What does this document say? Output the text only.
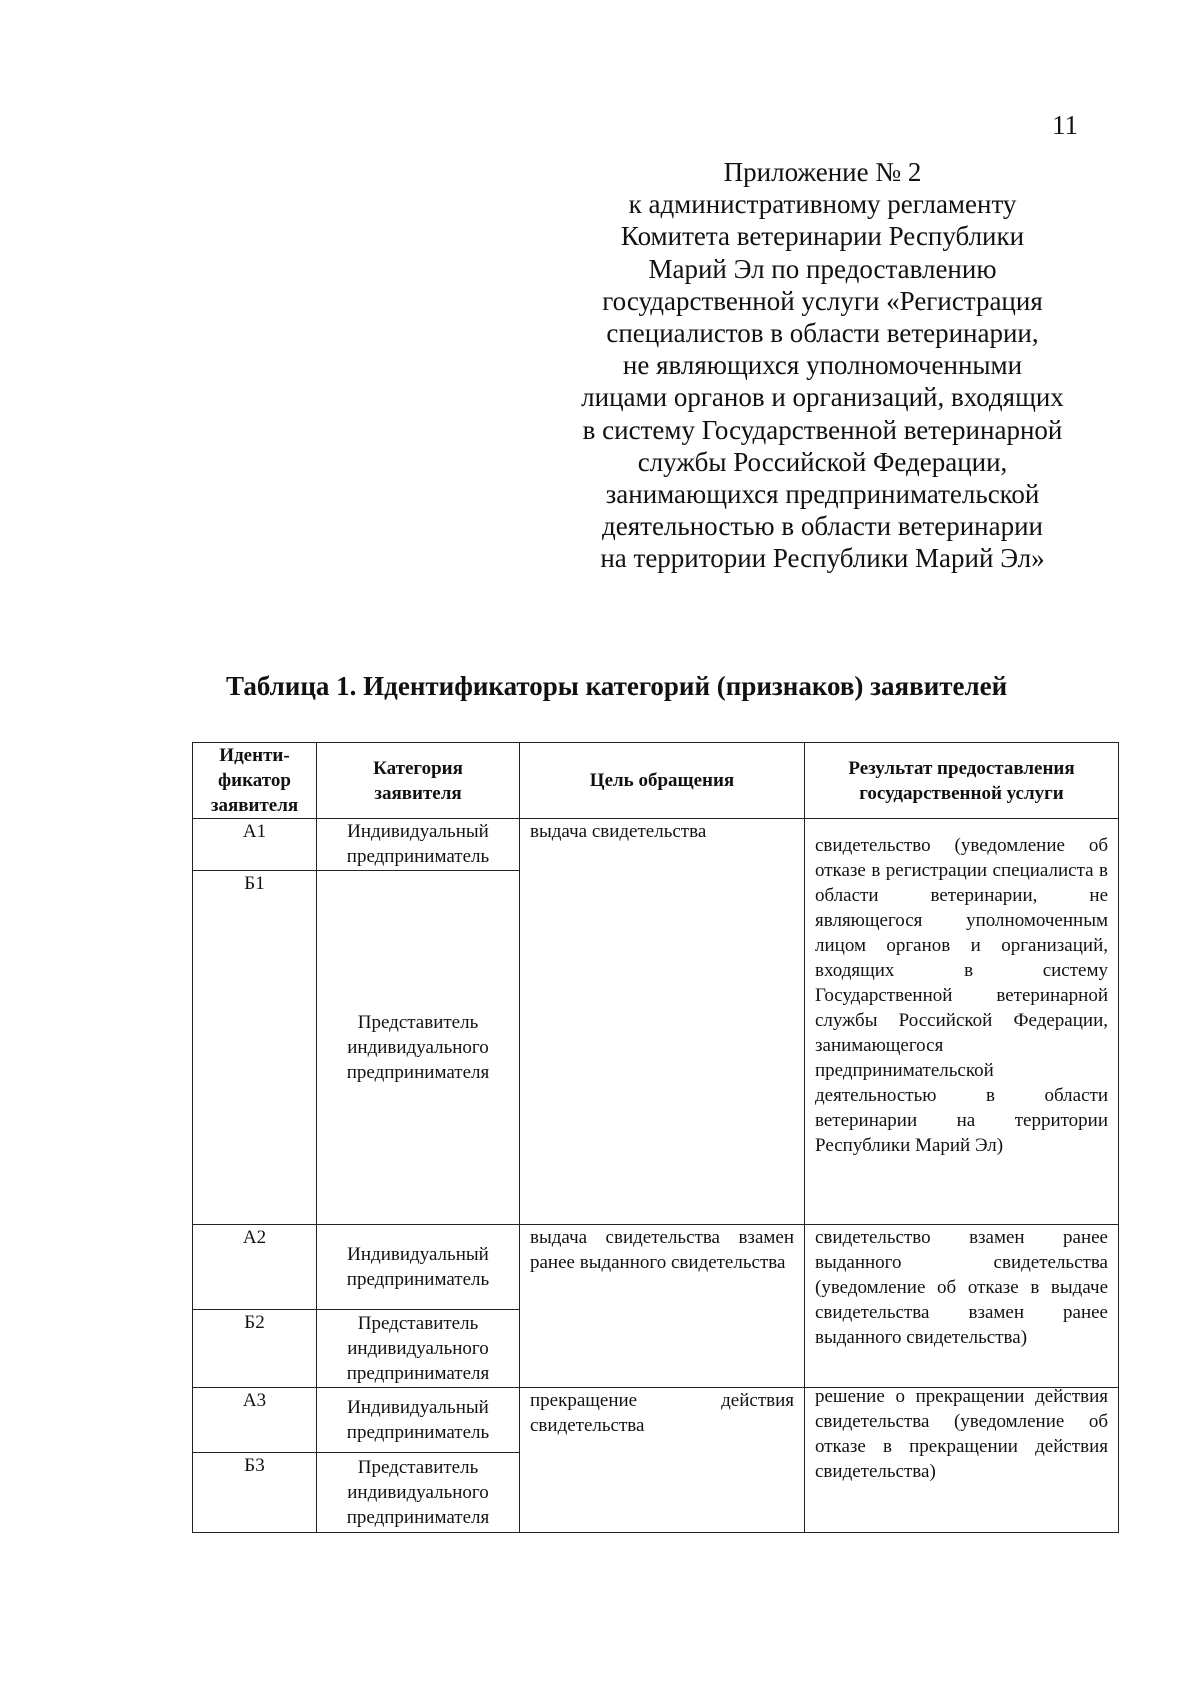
11
Приложение № 2
к административному регламенту
Комитета ветеринарии Республики
Марий Эл по предоставлению
государственной услуги «Регистрация
специалистов в области ветеринарии,
не являющихся уполномоченными
лицами органов и организаций, входящих
в систему Государственной ветеринарной
службы Российской Федерации,
занимающихся предпринимательской
деятельностью в области ветеринарии
на территории Республики Марий Эл»
Таблица 1. Идентификаторы категорий (признаков) заявителей
Иденти-фикатор заявителя	Категория заявителя	Цель обращения	Результат предоставления государственной услуги
А1	Индивидуальный предприниматель	выдача свидетельства	свидетельство (уведомление об отказе в регистрации специалиста в области ветеринарии, не являющегося уполномоченным лицом органов и организаций, входящих в систему Государственной ветеринарной службы Российской Федерации, занимающегося предпринимательской деятельностью в области ветеринарии на территории Республики Марий Эл)

Б1	Представитель индивидуального предпринимателя		
А2	Индивидуальный предприниматель	выдача свидетельства взамен ранее выданного свидетельства	свидетельство взамен ранее выданного свидетельства (уведомление об отказе в выдаче свидетельства взамен ранее выданного свидетельства)

Б2	Представитель индивидуального предпринимателя		
А3	Индивидуальный предприниматель	прекращение действия свидетельства	решение о прекращении действия свидетельства (уведомление об отказе в прекращении действия свидетельства)

Б3	Представитель индивидуального предпринимателя		
